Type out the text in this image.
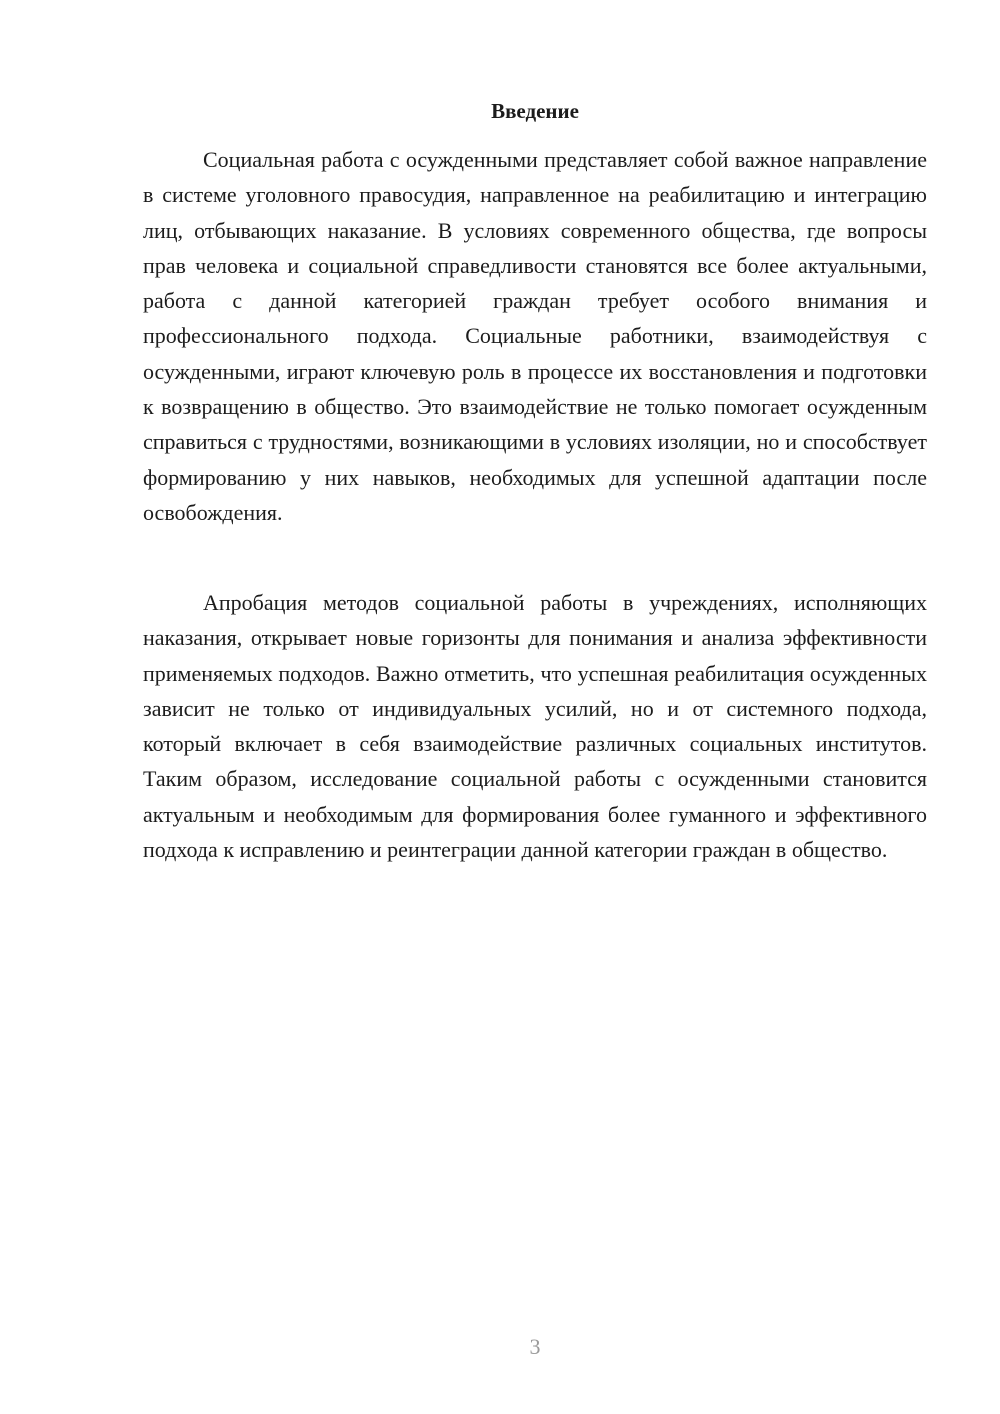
Введение

Социальная работа с осужденными представляет собой важное направление в системе уголовного правосудия, направленное на реабилитацию и интеграцию лиц, отбывающих наказание. В условиях современного общества, где вопросы прав человека и социальной справедливости становятся все более актуальными, работа с данной категорией граждан требует особого внимания и профессионального подхода. Социальные работники, взаимодействуя с осужденными, играют ключевую роль в процессе их восстановления и подготовки к возвращению в общество. Это взаимодействие не только помогает осужденным справиться с трудностями, возникающими в условиях изоляции, но и способствует формированию у них навыков, необходимых для успешной адаптации после освобождения.

Апробация методов социальной работы в учреждениях, исполняющих наказания, открывает новые горизонты для понимания и анализа эффективности применяемых подходов. Важно отметить, что успешная реабилитация осужденных зависит не только от индивидуальных усилий, но и от системного подхода, который включает в себя взаимодействие различных социальных институтов. Таким образом, исследование социальной работы с осужденными становится актуальным и необходимым для формирования более гуманного и эффективного подхода к исправлению и реинтеграции данной категории граждан в общество.

3
